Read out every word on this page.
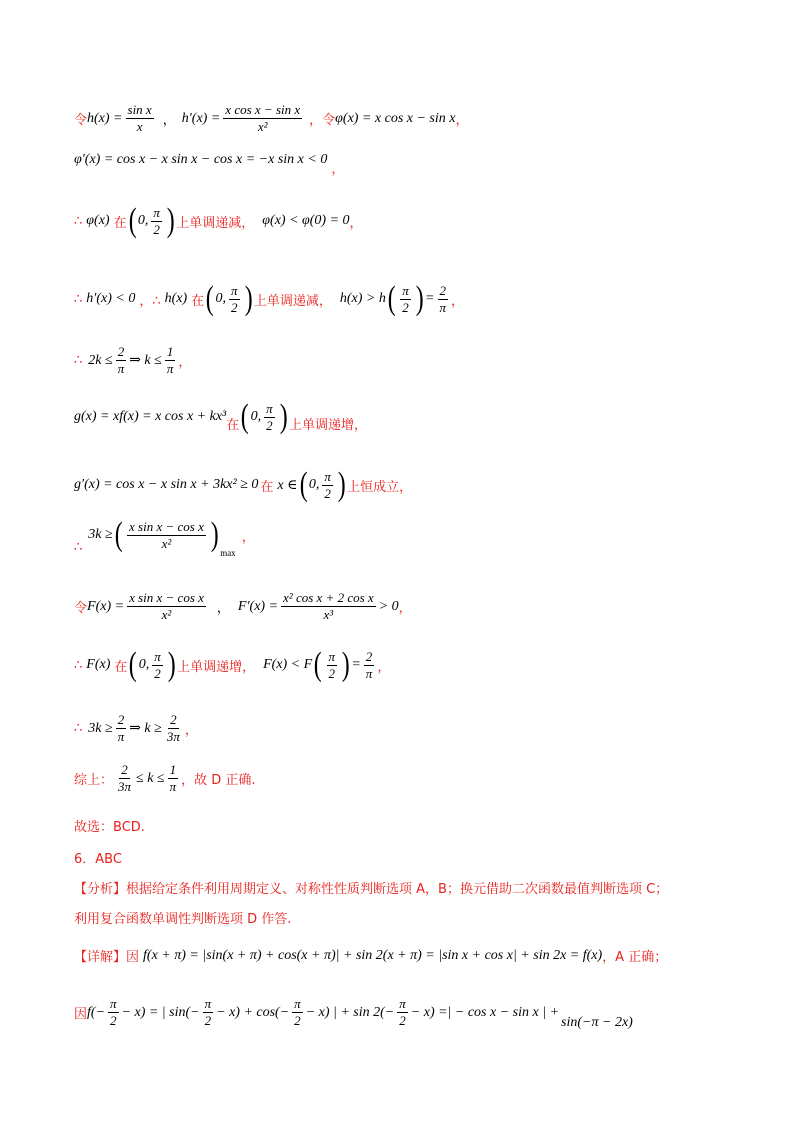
令 $h(x) = \frac{\text{sin x}}{x}$ ， $h'(x) = \frac{\text{x cos x − sin x}}{\text{x²}}$ ，令 φ(x) = x cos x − sin x ，
φ′(x) = cos x − x sin x − cos x = −x sin x < 0
，
∴ φ(x) 在 ( 0, $\frac{\pi}{2}$ ) 上单调递减， φ(x) < φ(0) = 0 ，
∴ h′(x) < 0 ，∴ h(x) 在 ( 0, $\frac{\pi}{2}$ ) 上单调递减， h(x) > h ( $\frac{\pi}{2}$ ) = $\frac{2}{\pi}$ ，
∴ $2k \le \frac{2}{\pi}$ ⇒ $k \le \frac{1}{\pi}$ ，
g(x) = xf(x) = x cos x + kx³
在 ( 0, $\frac{\pi}{2}$ ) 上单调递增，
g′(x) = cos x − x sin x + 3kx² ≥ 0 在 x ∈ ( 0, $\frac{\pi}{2}$ ) 上恒成立，
∴
3k ≥ ( $\frac{\text{x sin x − cos x}}{\text{x²}}$ ) max
，
令 $F(x) = \frac{\text{x sin x − cos x}}{\text{x²}}$ ， $F'(x) = \frac{\text{x² cos x + 2 cos x}}{\text{x³}} > 0$ ，
∴ F(x) 在 ( 0, $\frac{\pi}{2}$ ) 上单调递增， F(x) < F ( $\frac{\pi}{2}$ ) = $\frac{2}{\pi}$ ，
∴ $3k \ge \frac{2}{\pi}$ ⇒ $k \ge \frac{2}{3\pi}$ ，
综上： $\frac{2}{3\pi} \le k \le \frac{1}{\pi}$ ，故 D 正确.
故选：BCD.
6．ABC
【分析】根据给定条件利用周期定义、对称性性质判断选项 A，B；换元借助二次函数最值判断选项 C；
利用复合函数单调性判断选项 D 作答.
【详解】因 f(x + π) = |sin(x + π) + cos(x + π)| + sin 2(x + π) = |sin x + cos x| + sin 2x = f(x) ，A 正确；
因 $f(- \frac{\pi}{2} - x)$ = | $\sin(- \frac{\pi}{2} - x) + \cos(- \frac{\pi}{2} - x)$ | + $\sin 2(- \frac{\pi}{2} - x)$ =| − cos x − sin x | +
sin(−π − 2x)
